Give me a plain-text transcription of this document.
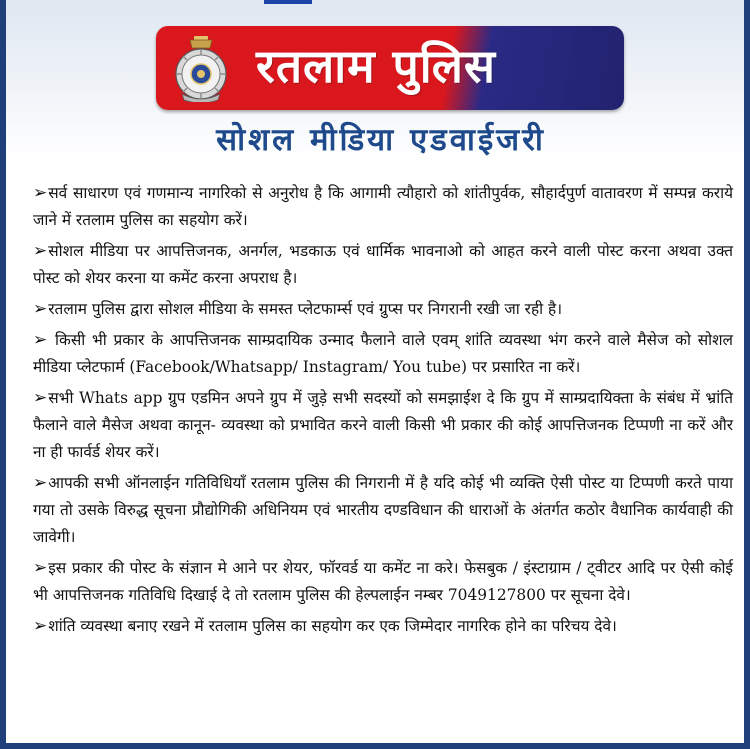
रतलाम पुलिस
सोशल मीडिया एडवाईजरी

➢सर्व साधारण एवं गणमान्य नागरिको से अनुरोध है कि आगामी त्यौहारो को शांतीपुर्वक, सौहार्दपुर्ण वातावरण में सम्पन्न कराये जाने में रतलाम पुलिस का सहयोग करें।

➢सोशल मीडिया पर आपत्तिजनक, अनर्गल, भडकाऊ एवं धार्मिक भावनाओ को आहत करने वाली पोस्ट करना अथवा उक्त पोस्ट को शेयर करना या कमेंट करना अपराध है।

➢रतलाम पुलिस द्वारा सोशल मीडिया के समस्त प्लेटफार्म्स एवं ग्रुप्स पर निगरानी रखी जा रही है।

➢ किसी भी प्रकार के आपत्तिजनक साम्प्रदायिक उन्माद फैलाने वाले एवम् शांति व्यवस्था भंग करने वाले मैसेज को सोशल मीडिया प्लेटफार्म (Facebook/Whatsapp/ Instagram/ You tube) पर प्रसारित ना करें।

➢सभी Whats app ग्रुप एडमिन अपने ग्रुप में जुड़े सभी सदस्यों को समझाईश दे कि ग्रुप में साम्प्रदायिक्ता के संबंध में भ्रांति फैलाने वाले मैसेज अथवा कानून- व्यवस्था को प्रभावित करने वाली किसी भी प्रकार की कोई आपत्तिजनक टिप्पणी ना करें और ना ही फार्वर्ड शेयर करें।

➢आपकी सभी ऑनलाईन गतिविधियाँ रतलाम पुलिस की निगरानी में है यदि कोई भी व्यक्ति ऐसी पोस्ट या टिप्पणी करते पाया गया तो उसके विरुद्ध सूचना प्रौद्योगिकी अधिनियम एवं भारतीय दण्डविधान की धाराओं के अंतर्गत कठोर वैधानिक कार्यवाही की जावेगी।

➢इस प्रकार की पोस्ट के संज्ञान मे आने पर शेयर, फॉरवर्ड या कमेंट ना करे। फेसबुक / इंस्टाग्राम / ट्वीटर आदि पर ऐसी कोई भी आपत्तिजनक गतिविधि दिखाई दे तो रतलाम पुलिस की हेल्पलाईन नम्बर 7049127800 पर सूचना देवे।

➢शांति व्यवस्था बनाए रखने में रतलाम पुलिस का सहयोग कर एक जिम्मेदार नागरिक होने का परिचय देवे।
